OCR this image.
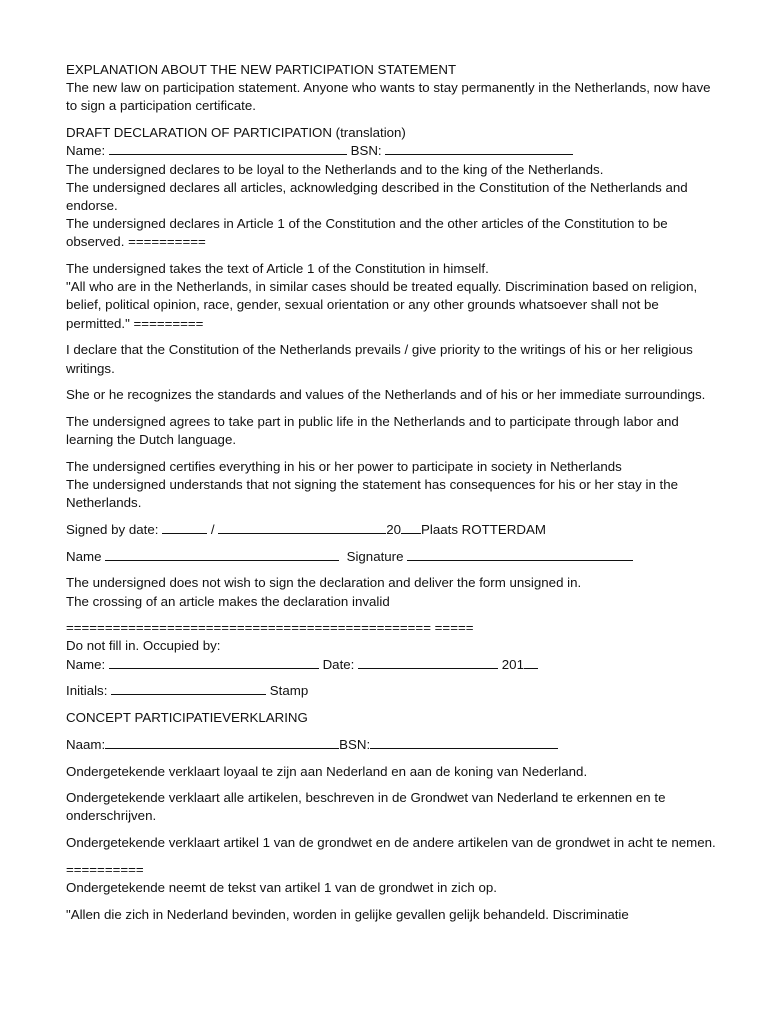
EXPLANATION ABOUT THE NEW PARTICIPATION STATEMENT

The new law on participation statement. Anyone who wants to stay permanently in the Netherlands, now have to sign a participation certificate.

DRAFT DECLARATION OF PARTICIPATION (translation)

Name:	BSN:

The undersigned declares to be loyal to the Netherlands and to the king of the Netherlands.

The undersigned declares all articles, acknowledging described in the Constitution of the Netherlands and endorse.

The undersigned declares in Article 1 of the Constitution and the other articles of the Constitution to be observed. ==========

The undersigned takes the text of Article 1 of the Constitution in himself.

"All who are in the Netherlands, in similar cases should be treated equally. Discrimination based on religion, belief, political opinion, race, gender, sexual orientation or any other grounds whatsoever shall not be permitted." =========

I declare that the Constitution of the Netherlands prevails / give priority to the writings of his or her religious writings.

She or he recognizes the standards and values of the Netherlands and of his or her immediate surroundings.

The undersigned agrees to take part in public life in the Netherlands and to participate through labor and learning the Dutch language.

The undersigned certifies everything in his or her power to participate in society in Netherlands

The undersigned understands that not signing the statement has consequences for his or her stay in the Netherlands.

Signed by date:	/	20 Plaats ROTTERDAM

Name	Signature

The undersigned does not wish to sign the declaration and deliver the form unsigned in.

The crossing of an article makes the declaration invalid

=============================================== =====

Do not fill in. Occupied by:

Name:	Date:	201

Initials:	Stamp

CONCEPT PARTICIPATIEVERKLARING

Naam:	BSN:

Ondergetekende verklaart loyaal te zijn aan Nederland en aan de koning van Nederland.

Ondergetekende verklaart alle artikelen, beschreven in de Grondwet van Nederland te erkennen en te onderschrijven.

Ondergetekende verklaart artikel 1 van de grondwet en de andere artikelen van de grondwet in acht te nemen.

==========

Ondergetekende neemt de tekst van artikel 1 van de grondwet in zich op.

"Allen die zich in Nederland bevinden, worden in gelijke gevallen gelijk behandeld. Discriminatie
